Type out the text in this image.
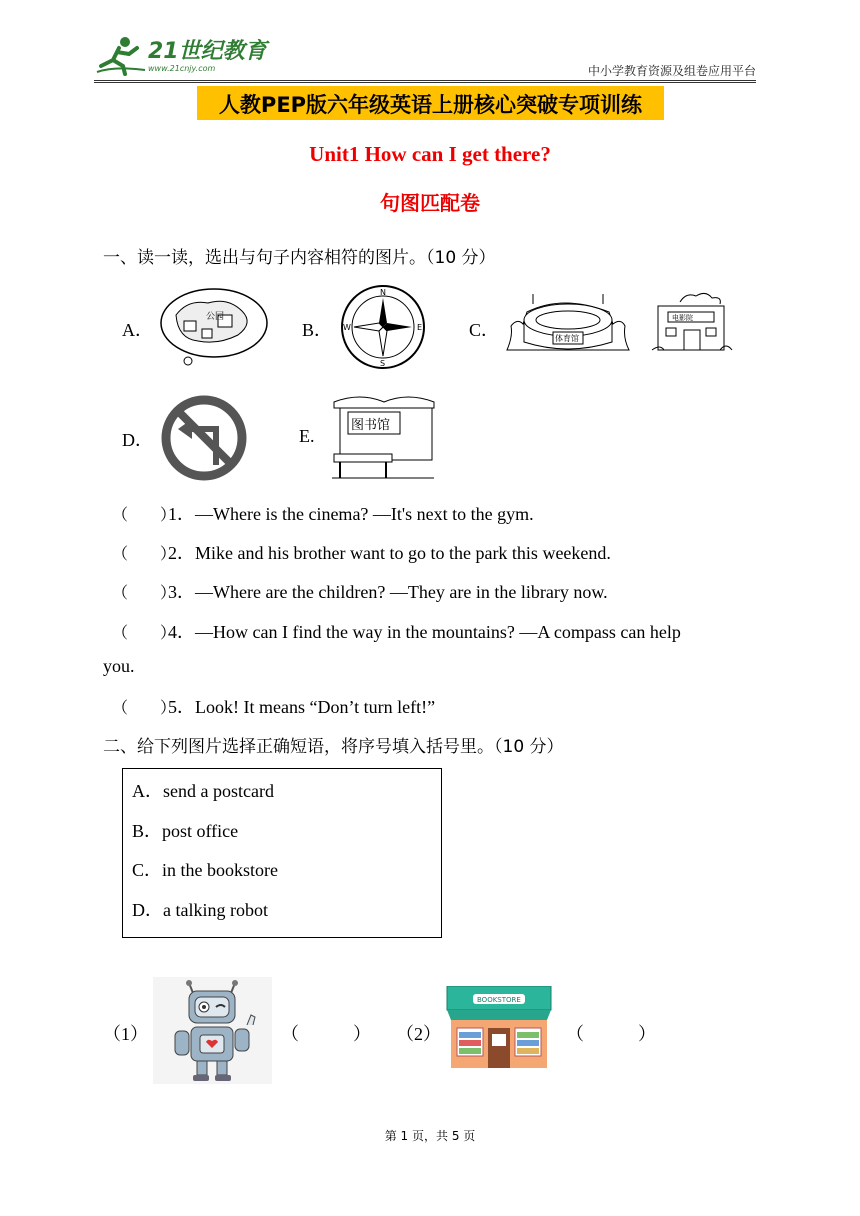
21世纪教育
www.21cnjy.com	中小学教育资源及组卷应用平台
人教PEP版六年级英语上册核心突破专项训练
Unit1 How can I get there?
句图匹配卷
一、读一读，选出与句子内容相符的图片。（10 分）
A．
公园
B．
N
S
W	E	C．	体育馆
电影院
D．	E.
图书馆
（　　）1．—Where is the cinema? —It's next to the gym.
（　　）2．Mike and his brother want to go to the park this weekend.
（　　）3．—Where are the children? —They are in the library now.
（　　）4．—How can I find the way in the mountains? —A compass can help
you.
（　　）5．Look! It means “Don’t turn left!”
二、给下列图片选择正确短语，将序号填入括号里。（10 分）
A．send a postcard
B．post office
C．in the bookstore
D．a talking robot
（1）	（　　　） （2）
BOOKSTORE
（　　　）
第 1 页，共 5 页
